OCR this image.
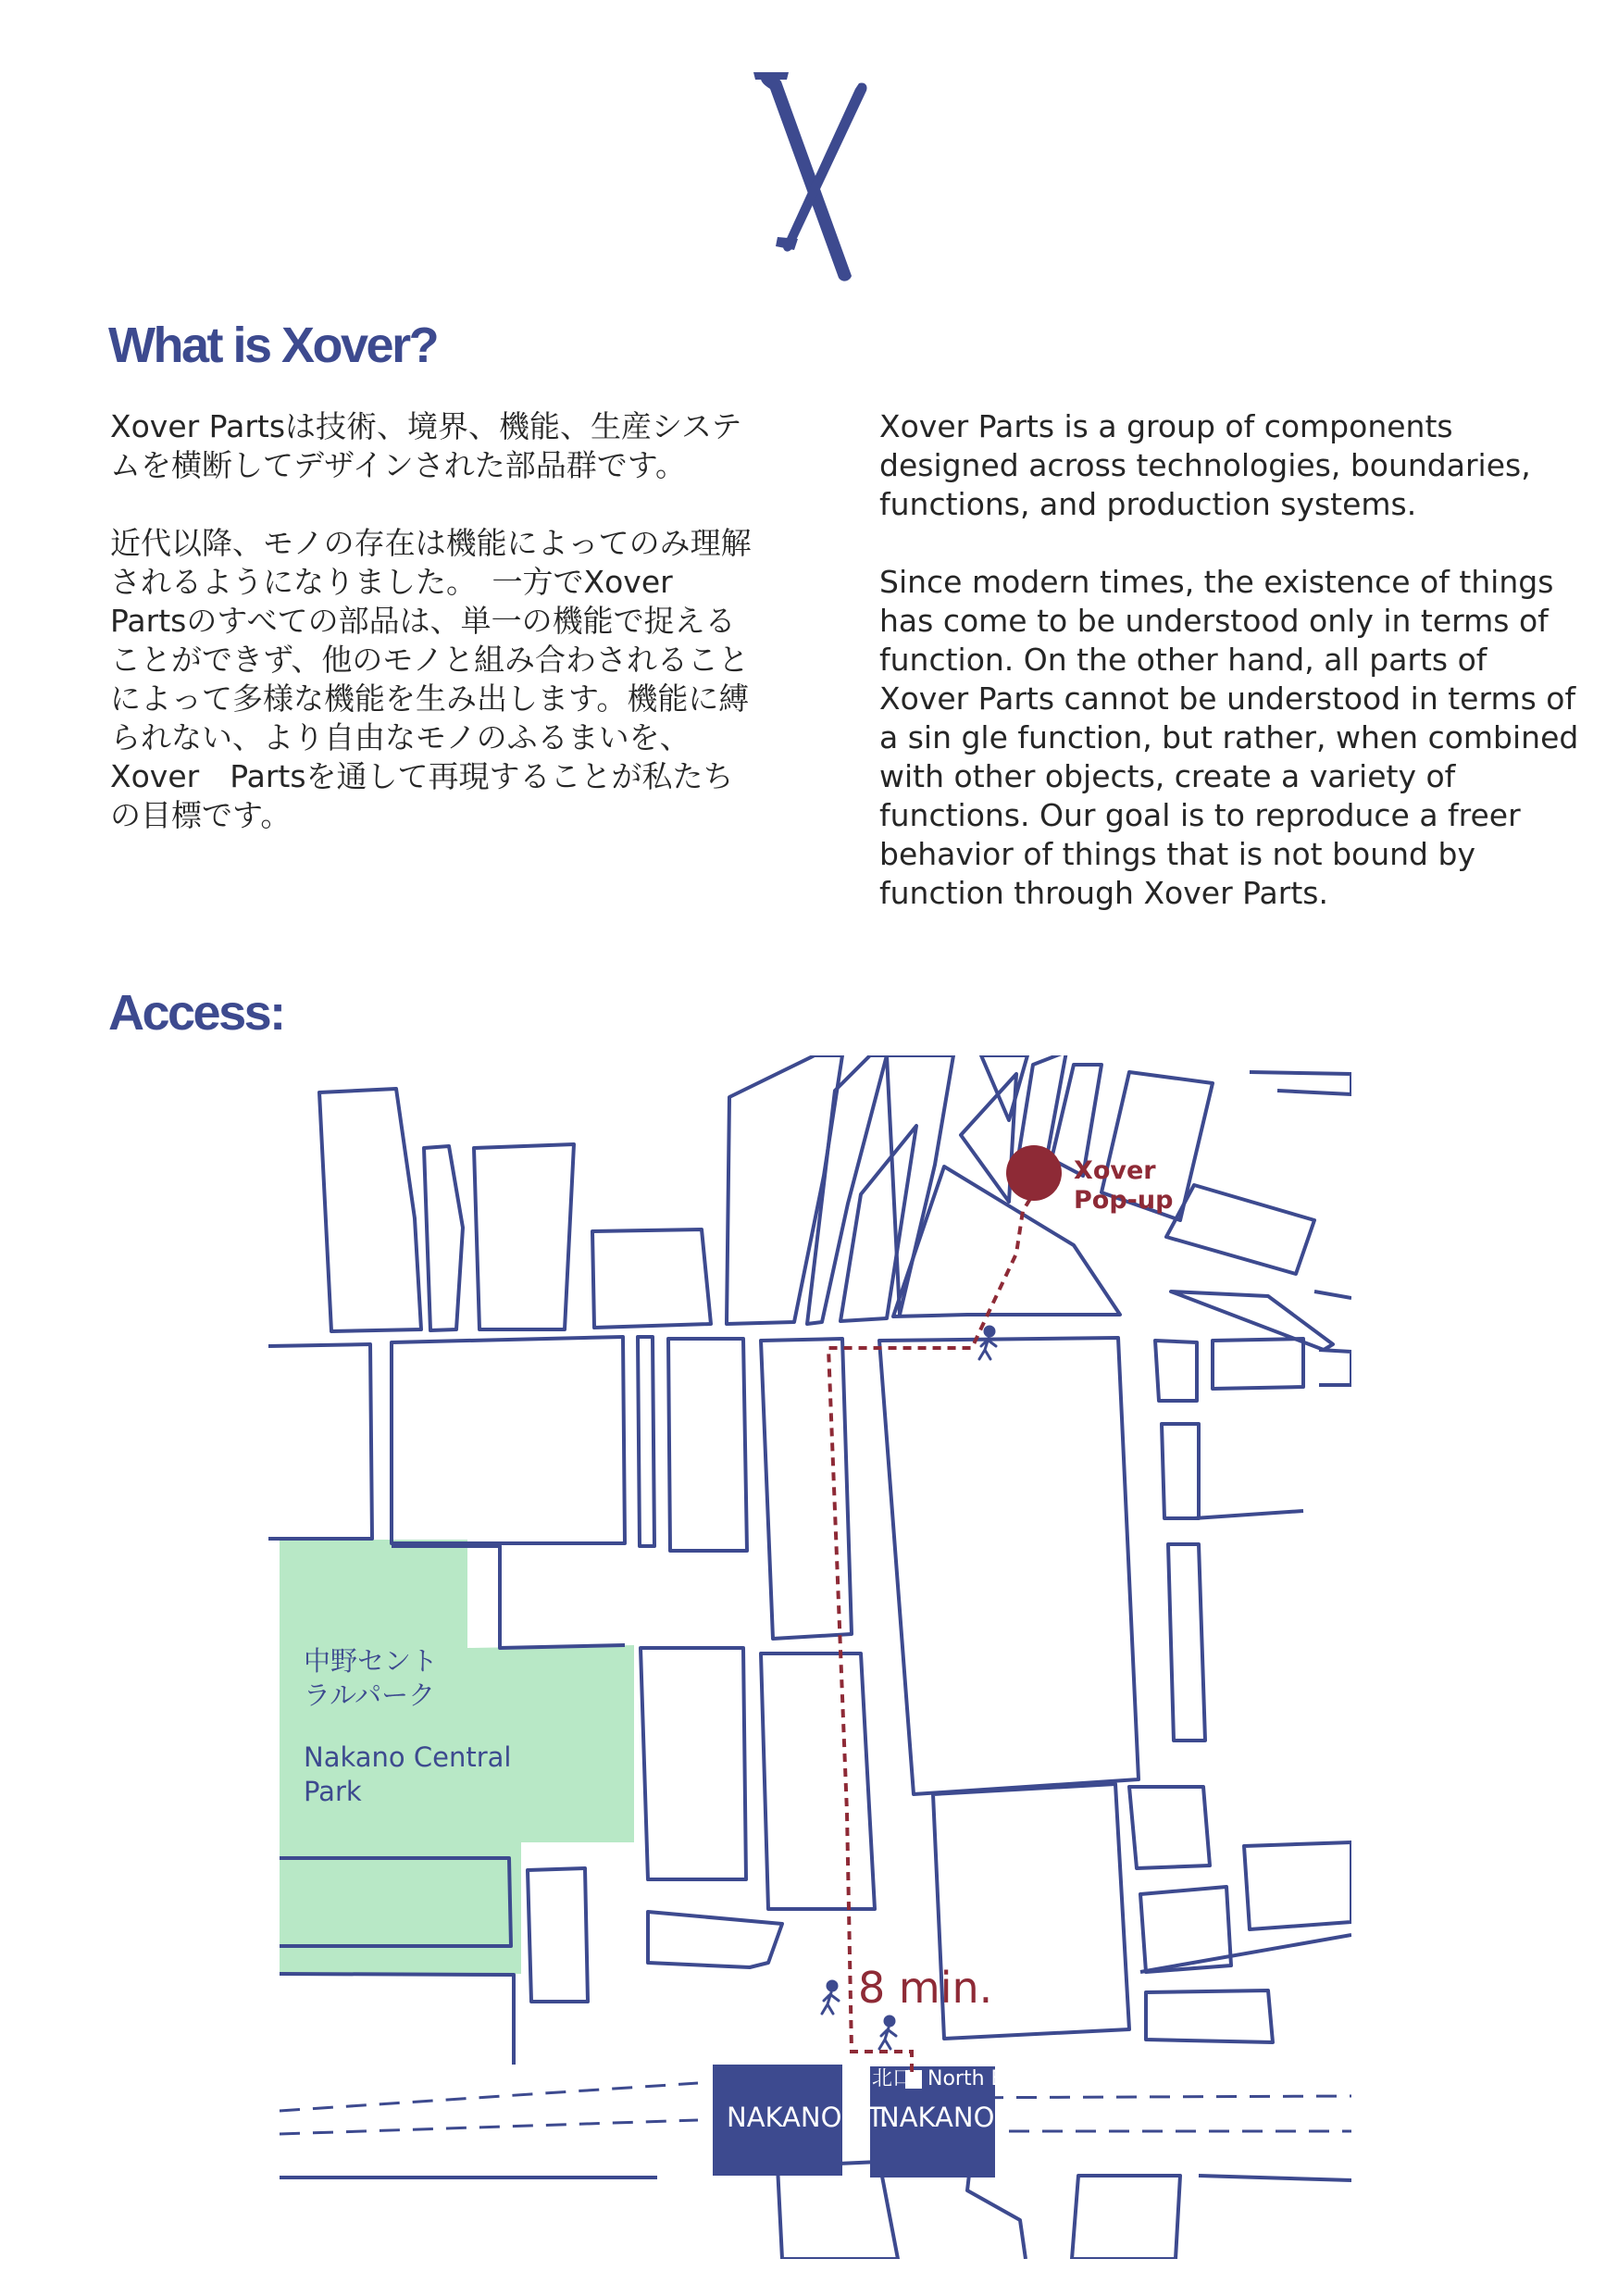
What is Xover?

Xover Partsは技術、境界、機能、生産システムを横断してデザインされた部品群です。

近代以降、モノの存在は機能によってのみ理解されるようになりました。　一方でXover Partsのすべての部品は、単一の機能で捉えることができず、他のモノと組み合わされることによって多様な機能を生み出します。機能に縛られない、より自由なモノのふるまいを、Xover　Partsを通して再現することが私たちの目標です。

Xover Parts is a group of components designed across technologies, boundaries, functions, and production systems.

Since modern times, the existence of things has come to be understood only in terms of function. On the other hand, all parts of Xover Parts cannot be understood in terms of a sin gle function, but rather, when combined with other objects, create a variety of functions. Our goal is to reproduce a freer behavior of things that is not bound by function through Xover Parts.

Access:
中野セントラルパーク
Nakano Central Park
Xover
Pop-up
8 min.
NAKANO ST.
NAKANO ST.
北口 North Exit
